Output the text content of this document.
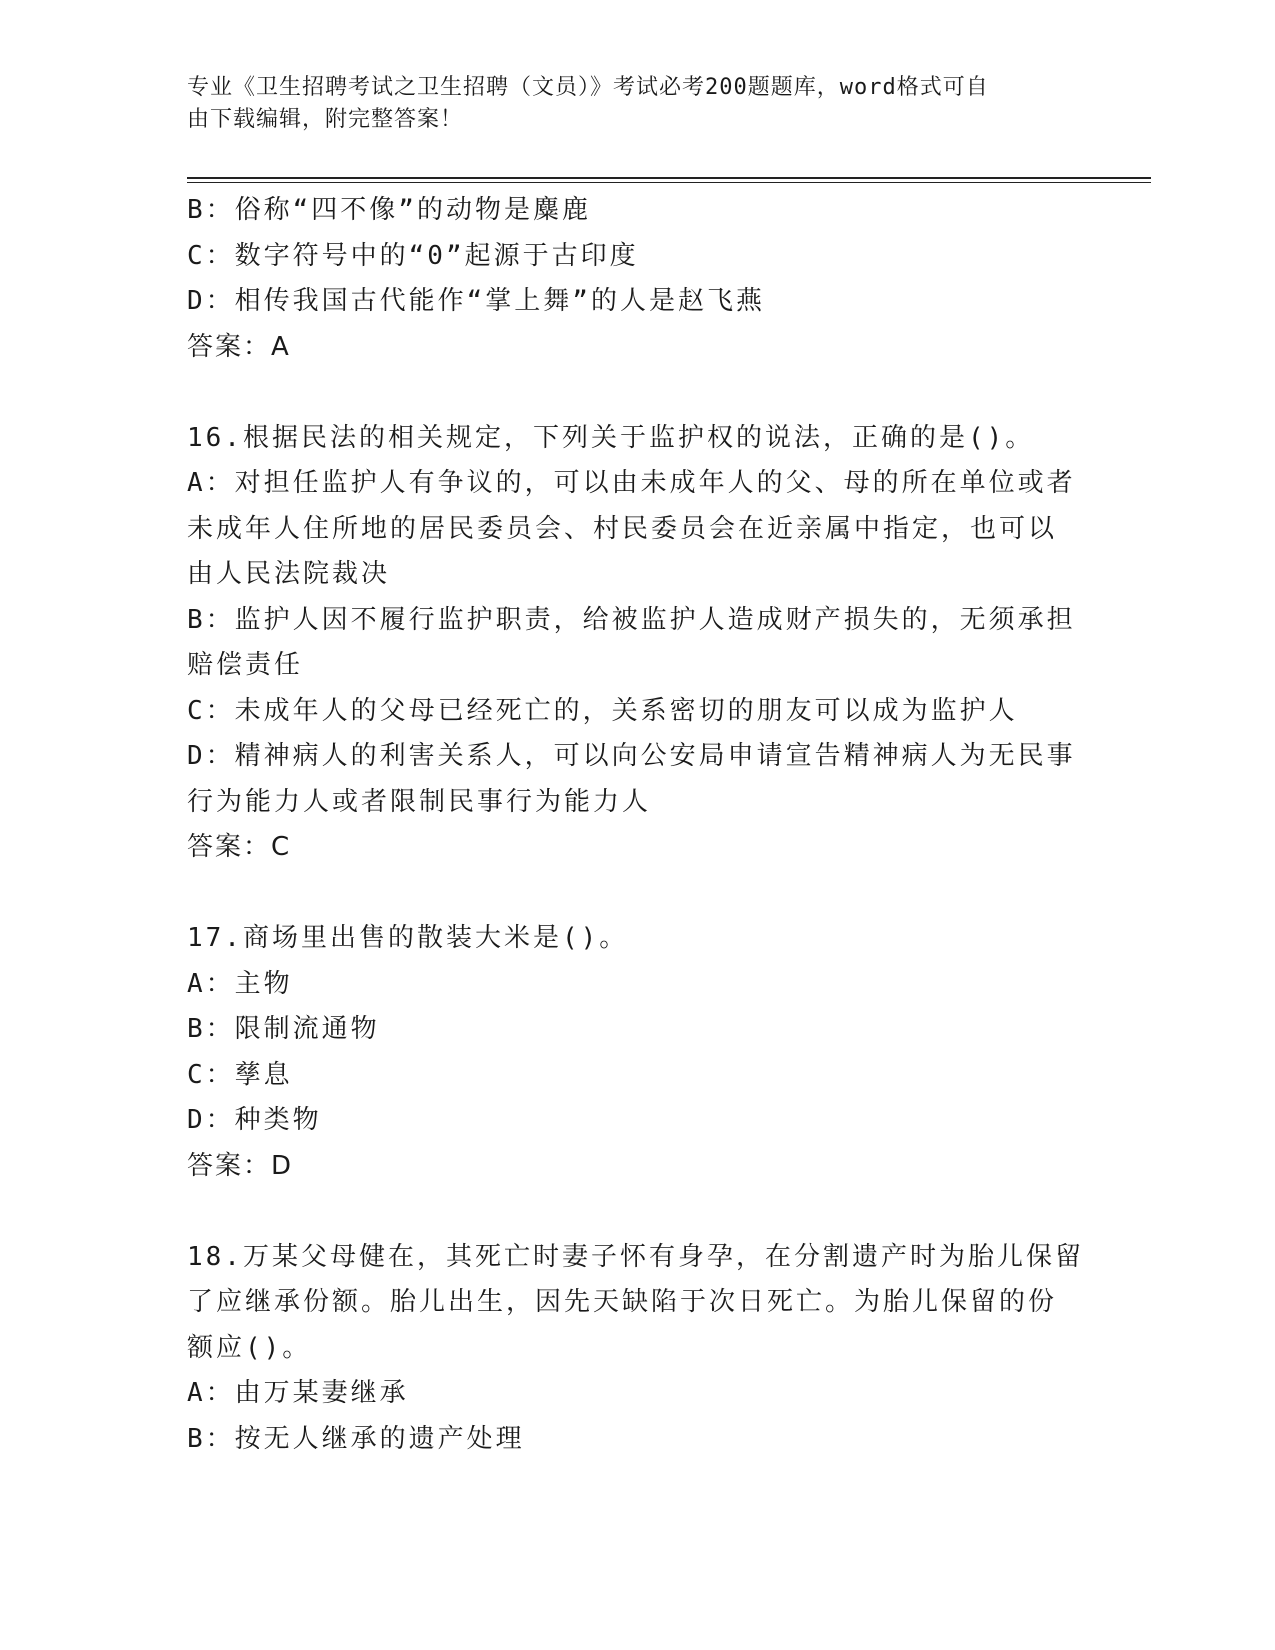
专业《卫生招聘考试之卫生招聘（文员）》考试必考200题题库，word格式可自
由下载编辑，附完整答案！
B：俗称“四不像”的动物是麋鹿
C：数字符号中的“0”起源于古印度
D：相传我国古代能作“掌上舞”的人是赵飞燕
答案：A
16.根据民法的相关规定，下列关于监护权的说法，正确的是()。
A：对担任监护人有争议的，可以由未成年人的父、母的所在单位或者
未成年人住所地的居民委员会、村民委员会在近亲属中指定，也可以
由人民法院裁决
B：监护人因不履行监护职责，给被监护人造成财产损失的，无须承担
赔偿责任
C：未成年人的父母已经死亡的，关系密切的朋友可以成为监护人
D：精神病人的利害关系人，可以向公安局申请宣告精神病人为无民事
行为能力人或者限制民事行为能力人
答案：C
17.商场里出售的散装大米是()。
A：主物
B：限制流通物
C：孳息
D：种类物
答案：D
18.万某父母健在，其死亡时妻子怀有身孕，在分割遗产时为胎儿保留
了应继承份额。胎儿出生，因先天缺陷于次日死亡。为胎儿保留的份
额应()。
A：由万某妻继承
B：按无人继承的遗产处理
